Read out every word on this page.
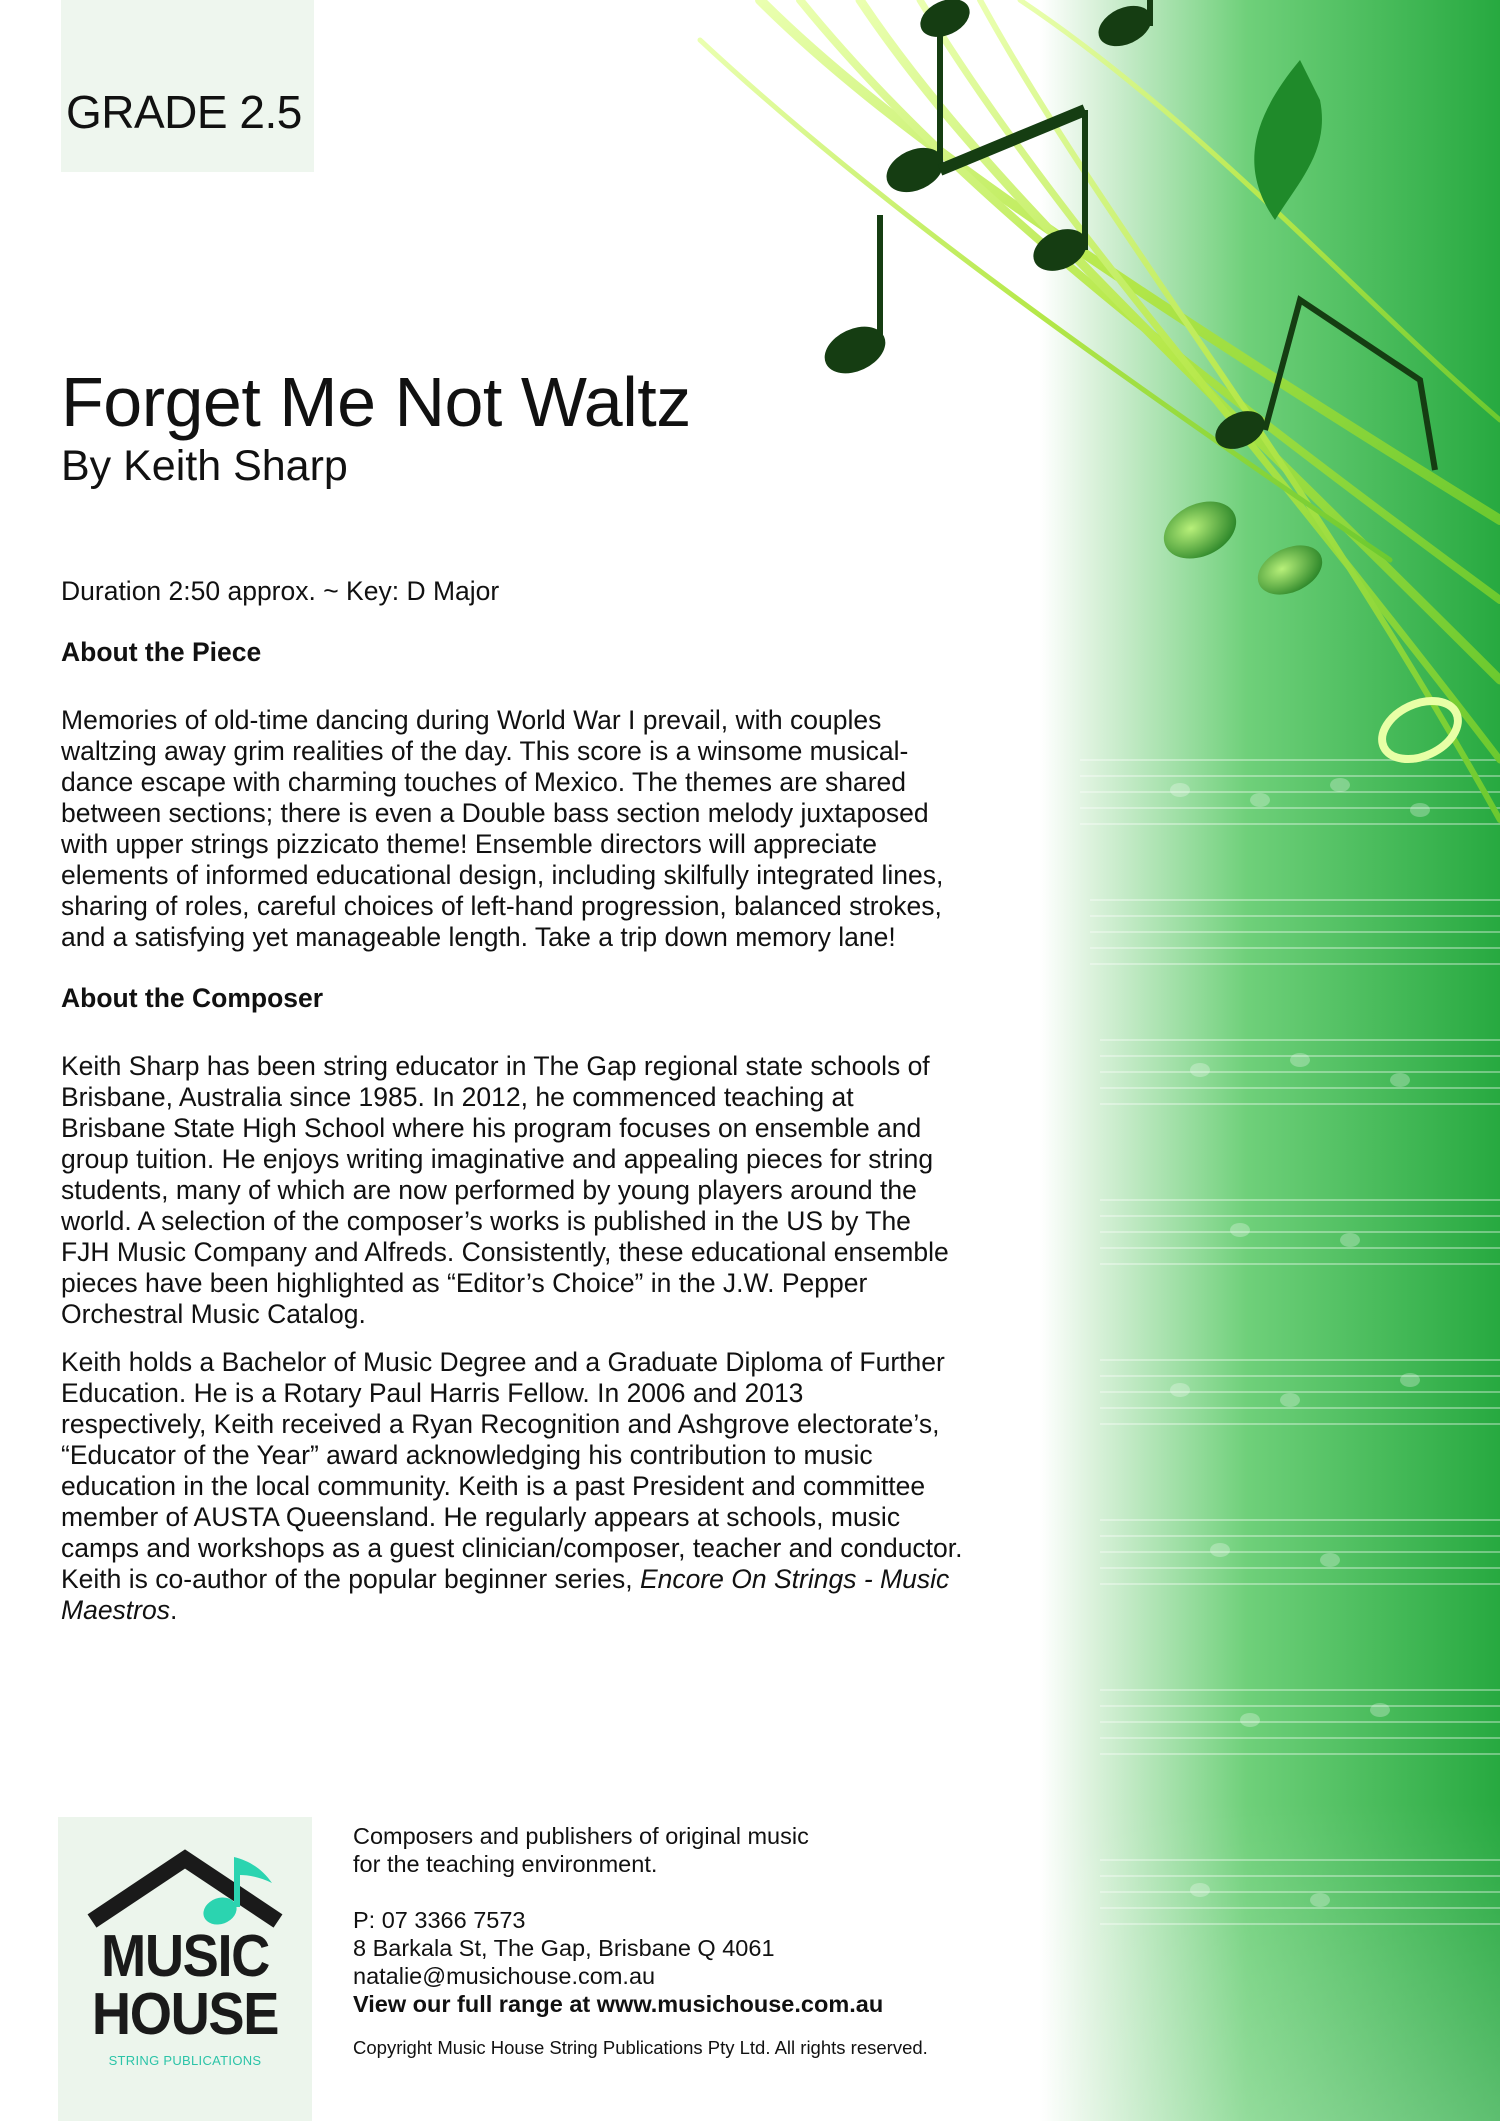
GRADE 2.5
Forget Me Not Waltz
By Keith Sharp
Duration 2:50 approx. ~ Key: D Major
About the Piece
Memories of old-time dancing during World War I prevail, with couples
waltzing away grim realities of the day. This score is a winsome musical-
dance escape with charming touches of Mexico. The themes are shared
between sections; there is even a Double bass section melody juxtaposed
with upper strings pizzicato theme! Ensemble directors will appreciate
elements of informed educational design, including skilfully integrated lines,
sharing of roles, careful choices of left-hand progression, balanced strokes,
and a satisfying yet manageable length. Take a trip down memory lane!
About the Composer
Keith Sharp has been string educator in The Gap regional state schools of
Brisbane, Australia since 1985. In 2012, he commenced teaching at
Brisbane State High School where his program focuses on ensemble and
group tuition. He enjoys writing imaginative and appealing pieces for string
students, many of which are now performed by young players around the
world. A selection of the composer’s works is published in the US by The
FJH Music Company and Alfreds. Consistently, these educational ensemble
pieces have been highlighted as “Editor’s Choice” in the J.W. Pepper
Orchestral Music Catalog.
Keith holds a Bachelor of Music Degree and a Graduate Diploma of Further
Education. He is a Rotary Paul Harris Fellow. In 2006 and 2013
respectively, Keith received a Ryan Recognition and Ashgrove electorate’s,
“Educator of the Year” award acknowledging his contribution to music
education in the local community. Keith is a past President and committee
member of AUSTA Queensland. He regularly appears at schools, music
camps and workshops as a guest clinician/composer, teacher and conductor.
Keith is co-author of the popular beginner series, Encore On Strings - Music
Maestros.
MUSIC
HOUSE
STRING PUBLICATIONS
Composers and publishers of original music
for the teaching environment.
P: 07 3366 7573
8 Barkala St, The Gap, Brisbane Q 4061
natalie@musichouse.com.au
View our full range at www.musichouse.com.au
Copyright Music House String Publications Pty Ltd. All rights reserved.
